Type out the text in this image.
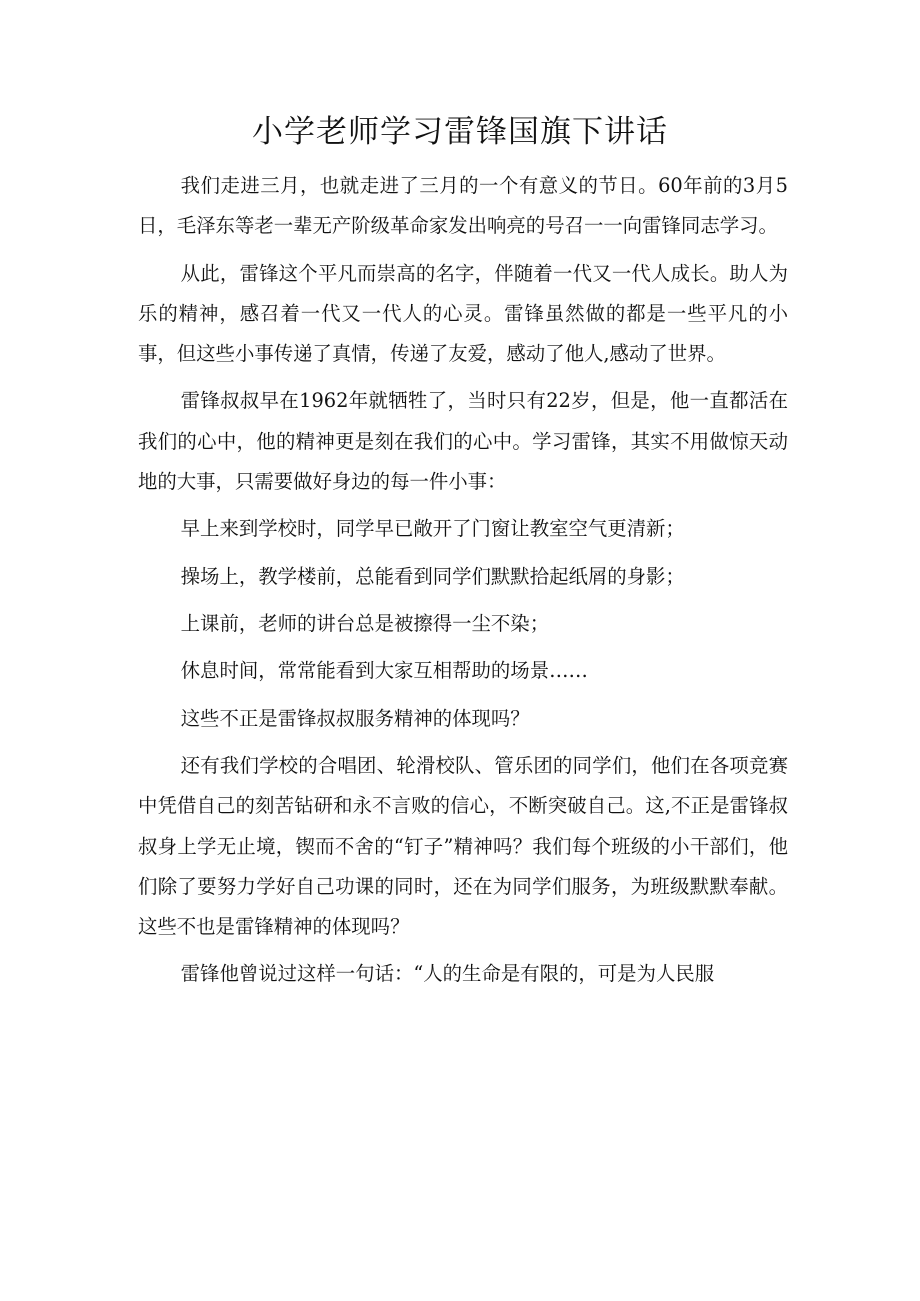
小学老师学习雷锋国旗下讲话

我们走进三月，也就走进了三月的一个有意义的节日。60年前的3月5日，毛泽东等老一辈无产阶级革命家发出响亮的号召一一向雷锋同志学习。

从此，雷锋这个平凡而崇高的名字，伴随着一代又一代人成长。助人为乐的精神，感召着一代又一代人的心灵。雷锋虽然做的都是一些平凡的小事，但这些小事传递了真情，传递了友爱，感动了他人,感动了世界。

雷锋叔叔早在1962年就牺牲了，当时只有22岁，但是，他一直都活在我们的心中，他的精神更是刻在我们的心中。学习雷锋，其实不用做惊天动地的大事，只需要做好身边的每一件小事：

早上来到学校时，同学早已敞开了门窗让教室空气更清新；

操场上，教学楼前，总能看到同学们默默拾起纸屑的身影；

上课前，老师的讲台总是被擦得一尘不染；

休息时间，常常能看到大家互相帮助的场景……

这些不正是雷锋叔叔服务精神的体现吗？

还有我们学校的合唱团、轮滑校队、管乐团的同学们，他们在各项竞赛中凭借自己的刻苦钻研和永不言败的信心，不断突破自己。这,不正是雷锋叔叔身上学无止境，锲而不舍的“钉子”精神吗？我们每个班级的小干部们，他们除了要努力学好自己功课的同时，还在为同学们服务，为班级默默奉献。这些不也是雷锋精神的体现吗？

雷锋他曾说过这样一句话：“人的生命是有限的，可是为人民服
